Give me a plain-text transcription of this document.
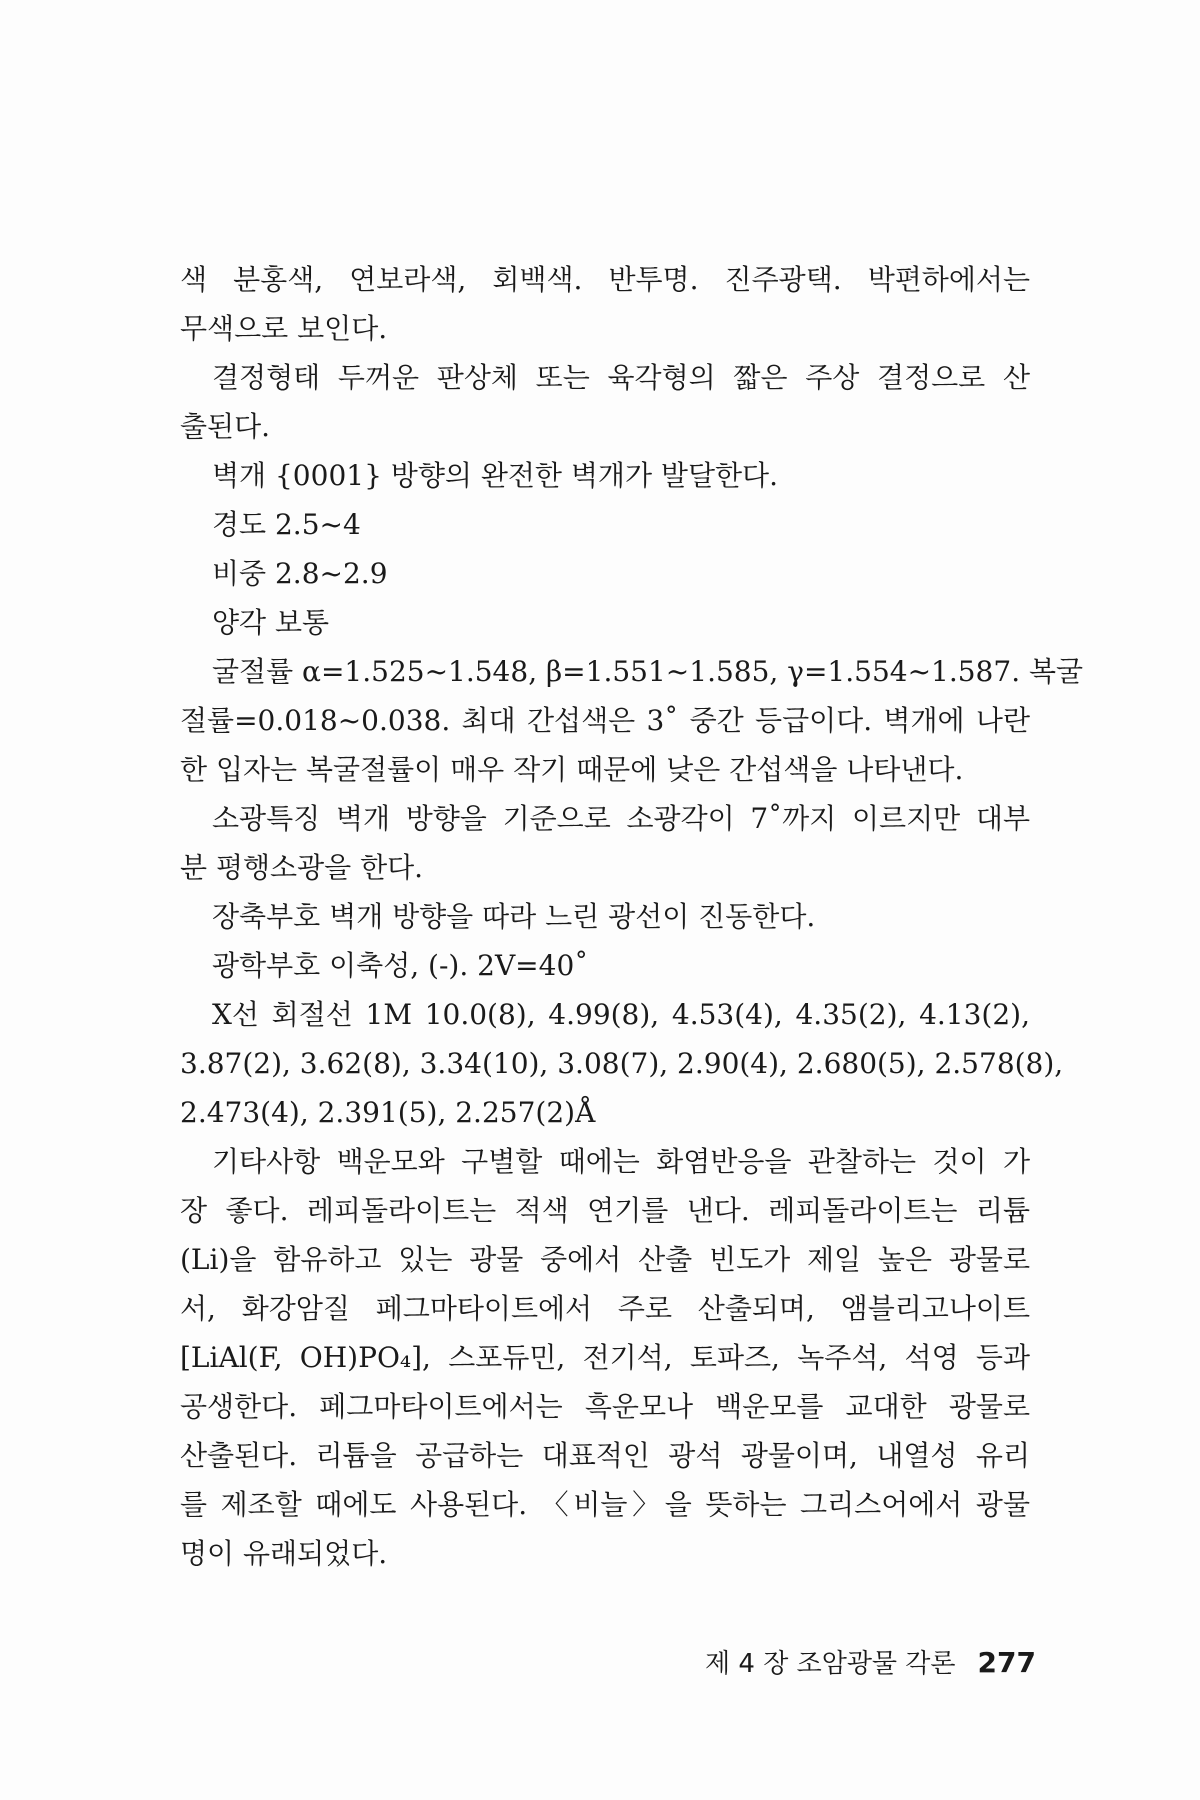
색 분홍색, 연보라색, 회백색. 반투명. 진주광택. 박편하에서는
무색으로 보인다.
결정형태 두꺼운 판상체 또는 육각형의 짧은 주상 결정으로 산
출된다.
벽개 {0001} 방향의 완전한 벽개가 발달한다.
경도 2.5~4
비중 2.8~2.9
양각 보통
굴절률 α=1.525~1.548, β=1.551~1.585, γ=1.554~1.587. 복굴
절률=0.018~0.038. 최대 간섭색은 3˚ 중간 등급이다. 벽개에 나란
한 입자는 복굴절률이 매우 작기 때문에 낮은 간섭색을 나타낸다.
소광특징 벽개 방향을 기준으로 소광각이 7˚까지 이르지만 대부
분 평행소광을 한다.
장축부호 벽개 방향을 따라 느린 광선이 진동한다.
광학부호 이축성, (-). 2V=40˚
X선 회절선 1M 10.0(8), 4.99(8), 4.53(4), 4.35(2), 4.13(2),
3.87(2), 3.62(8), 3.34(10), 3.08(7), 2.90(4), 2.680(5), 2.578(8),
2.473(4), 2.391(5), 2.257(2)Å
기타사항 백운모와 구별할 때에는 화염반응을 관찰하는 것이 가
장 좋다. 레피돌라이트는 적색 연기를 낸다. 레피돌라이트는 리튬
(Li)을 함유하고 있는 광물 중에서 산출 빈도가 제일 높은 광물로
서, 화강암질 페그마타이트에서 주로 산출되며, 앰블리고나이트
[LiAl(F, OH)PO₄], 스포듀민, 전기석, 토파즈, 녹주석, 석영 등과
공생한다. 페그마타이트에서는 흑운모나 백운모를 교대한 광물로
산출된다. 리튬을 공급하는 대표적인 광석 광물이며, 내열성 유리
를 제조할 때에도 사용된다. 〈비늘〉을 뜻하는 그리스어에서 광물
명이 유래되었다.
제 4 장 조암광물 각론 277
